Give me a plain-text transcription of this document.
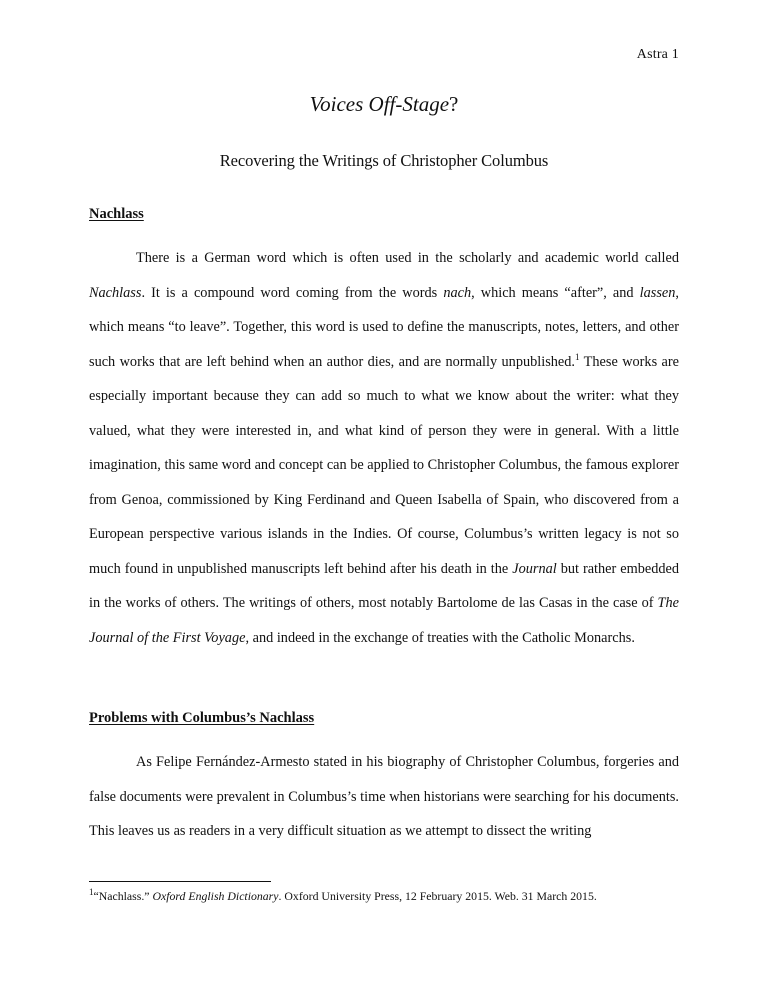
Astra 1
Voices Off-Stage?
Recovering the Writings of Christopher Columbus
Nachlass

There is a German word which is often used in the scholarly and academic world called Nachlass. It is a compound word coming from the words nach, which means “after”, and lassen, which means “to leave”. Together, this word is used to define the manuscripts, notes, letters, and other such works that are left behind when an author dies, and are normally unpublished.$^1$ These works are especially important because they can add so much to what we know about the writer: what they valued, what they were interested in, and what kind of person they were in general. With a little imagination, this same word and concept can be applied to Christopher Columbus, the famous explorer from Genoa, commissioned by King Ferdinand and Queen Isabella of Spain, who discovered from a European perspective various islands in the Indies. Of course, Columbus’s written legacy is not so much found in unpublished manuscripts left behind after his death in the Journal but rather embedded in the works of others. The writings of others, most notably Bartolome de las Casas in the case of The Journal of the First Voyage, and indeed in the exchange of treaties with the Catholic Monarchs.

Problems with Columbus’s Nachlass

As Felipe Fernández-Armesto stated in his biography of Christopher Columbus, forgeries and false documents were prevalent in Columbus’s time when historians were searching for his documents. This leaves us as readers in a very difficult situation as we attempt to dissect the writing

$^1$“Nachlass.” Oxford English Dictionary. Oxford University Press, 12 February 2015. Web. 31 March 2015.
